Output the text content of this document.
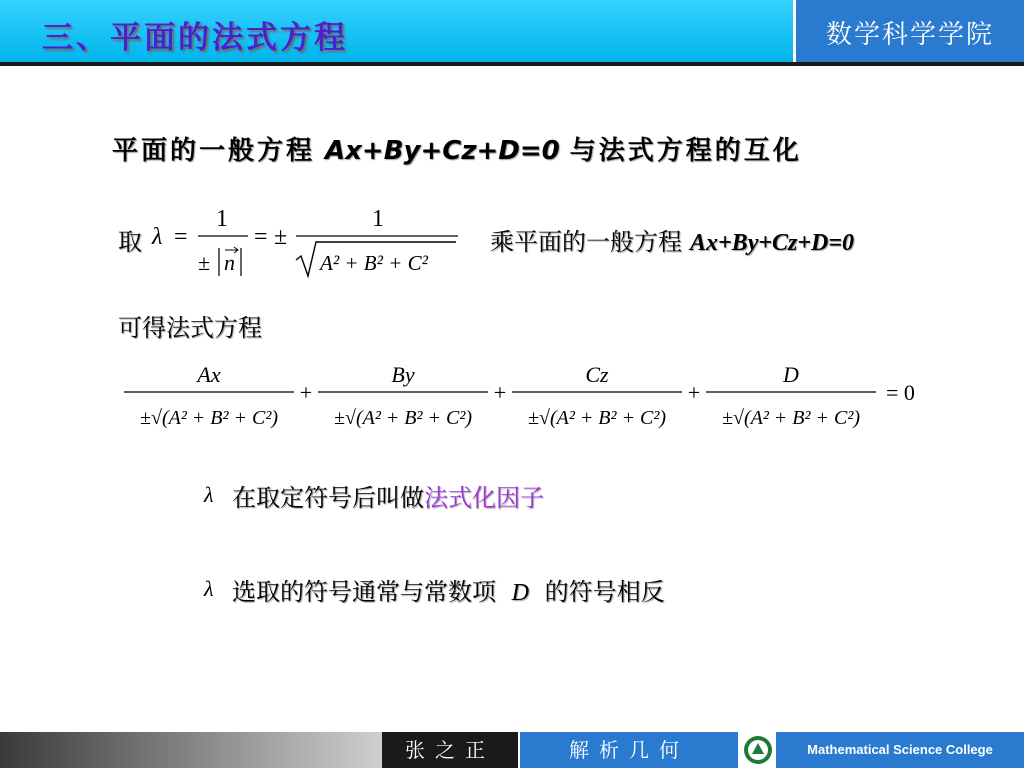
三、平面的法式方程	数学科学学院
平面的一般方程 Ax+By+Cz+D=0 与法式方程的互化
取 λ =
1
± n
= ±
1
A² + B² + C²
乘平面的一般方程 Ax+By+Cz+D=0
可得法式方程
Ax
±√(A² + B² + C²)
+
By
±√(A² + B² + C²)
+
Cz
±√(A² + B² + C²)
+
D
±√(A² + B² + C²)
= 0
λ 在取定符号后叫做法式化因子
λ 选取的符号通常与常数项 D 的符号相反
张之正	解析几何	Mathematical Science College
